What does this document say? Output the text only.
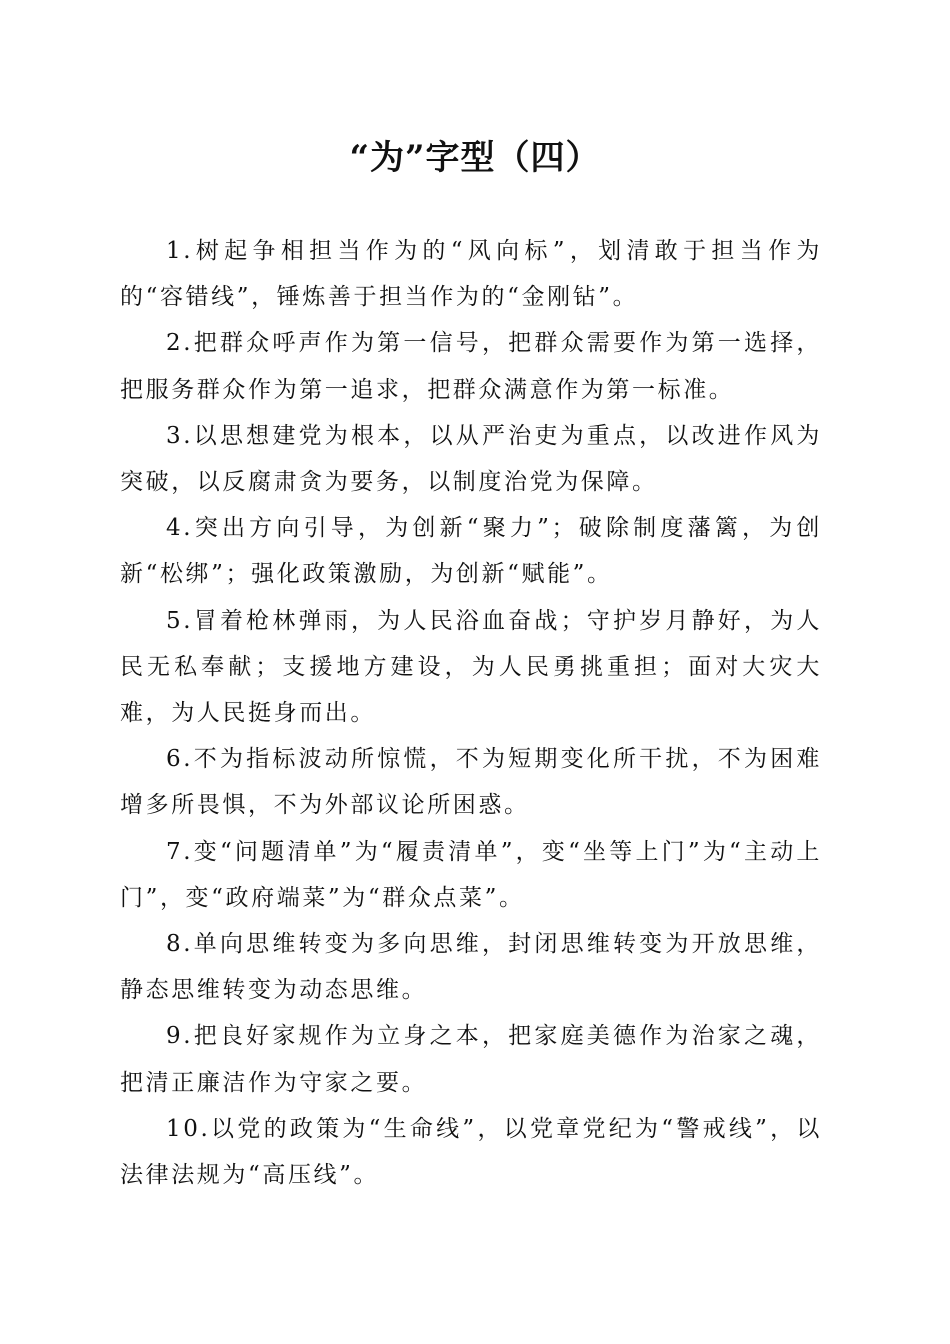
“为”字型（四）

1.树起争相担当作为的“风向标”，划清敢于担当作为的“容错线”，锤炼善于担当作为的“金刚钻”。

2.把群众呼声作为第一信号，把群众需要作为第一选择，把服务群众作为第一追求，把群众满意作为第一标准。

3.以思想建党为根本，以从严治吏为重点，以改进作风为突破，以反腐肃贪为要务，以制度治党为保障。

4.突出方向引导，为创新“聚力”；破除制度藩篱，为创新“松绑”；强化政策激励，为创新“赋能”。

5.冒着枪林弹雨，为人民浴血奋战；守护岁月静好，为人民无私奉献；支援地方建设，为人民勇挑重担；面对大灾大难，为人民挺身而出。

6.不为指标波动所惊慌，不为短期变化所干扰，不为困难增多所畏惧，不为外部议论所困惑。

7.变“问题清单”为“履责清单”，变“坐等上门”为“主动上门”，变“政府端菜”为“群众点菜”。

8.单向思维转变为多向思维，封闭思维转变为开放思维，静态思维转变为动态思维。

9.把良好家规作为立身之本，把家庭美德作为治家之魂，把清正廉洁作为守家之要。

10.以党的政策为“生命线”，以党章党纪为“警戒线”，以法律法规为“高压线”。
